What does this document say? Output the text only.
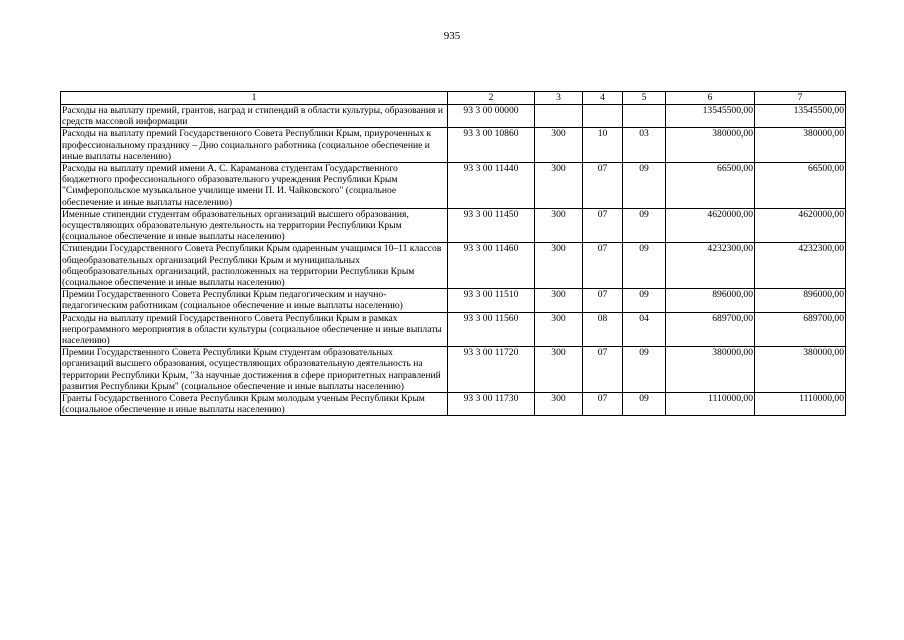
935
1	2	3	4	5	6	7
Расходы на выплату премий, грантов, наград и стипендий в области культуры, образования и средств массовой информации	93 3 00 00000				13545500,00	13545500,00
Расходы на выплату премий Государственного Совета Республики Крым, приуроченных к профессиональному празднику – Дню социального работника (социальное обеспечение и иные выплаты населению)	93 3 00 10860	300	10	03	380000,00	380000,00
Расходы на выплату премий имени А. С. Караманова студентам Государственного бюджетного профессионального образовательного учреждения Республики Крым "Симферопольское музыкальное училище имени П. И. Чайковского" (социальное обеспечение и иные выплаты населению)	93 3 00 11440	300	07	09	66500,00	66500,00
Именные стипендии студентам образовательных организаций высшего образования, осуществляющих образовательную деятельность на территории Республики Крым (социальное обеспечение и иные выплаты населению)	93 3 00 11450	300	07	09	4620000,00	4620000,00
Стипендии Государственного Совета Республики Крым одаренным учащимся 10–11 классов общеобразовательных организаций Республики Крым и муниципальных общеобразовательных организаций, расположенных на территории Республики Крым (социальное обеспечение и иные выплаты населению)	93 3 00 11460	300	07	09	4232300,00	4232300,00
Премии Государственного Совета Республики Крым педагогическим и научно-педагогическим работникам (социальное обеспечение и иные выплаты населению)	93 3 00 11510	300	07	09	896000,00	896000,00
Расходы на выплату премий Государственного Совета Республики Крым в рамках непрограммного мероприятия в области культуры (социальное обеспечение и иные выплаты населению)	93 3 00 11560	300	08	04	689700,00	689700,00
Премии Государственного Совета Республики Крым студентам образовательных организаций высшего образования, осуществляющих образовательную деятельность на территории Республики Крым, "За научные достижения в сфере приоритетных направлений развития Республики Крым" (социальное обеспечение и иные выплаты населению)	93 3 00 11720	300	07	09	380000,00	380000,00
Гранты Государственного Совета Республики Крым молодым ученым Республики Крым (социальное обеспечение и иные выплаты населению)	93 3 00 11730	300	07	09	1110000,00	1110000,00
